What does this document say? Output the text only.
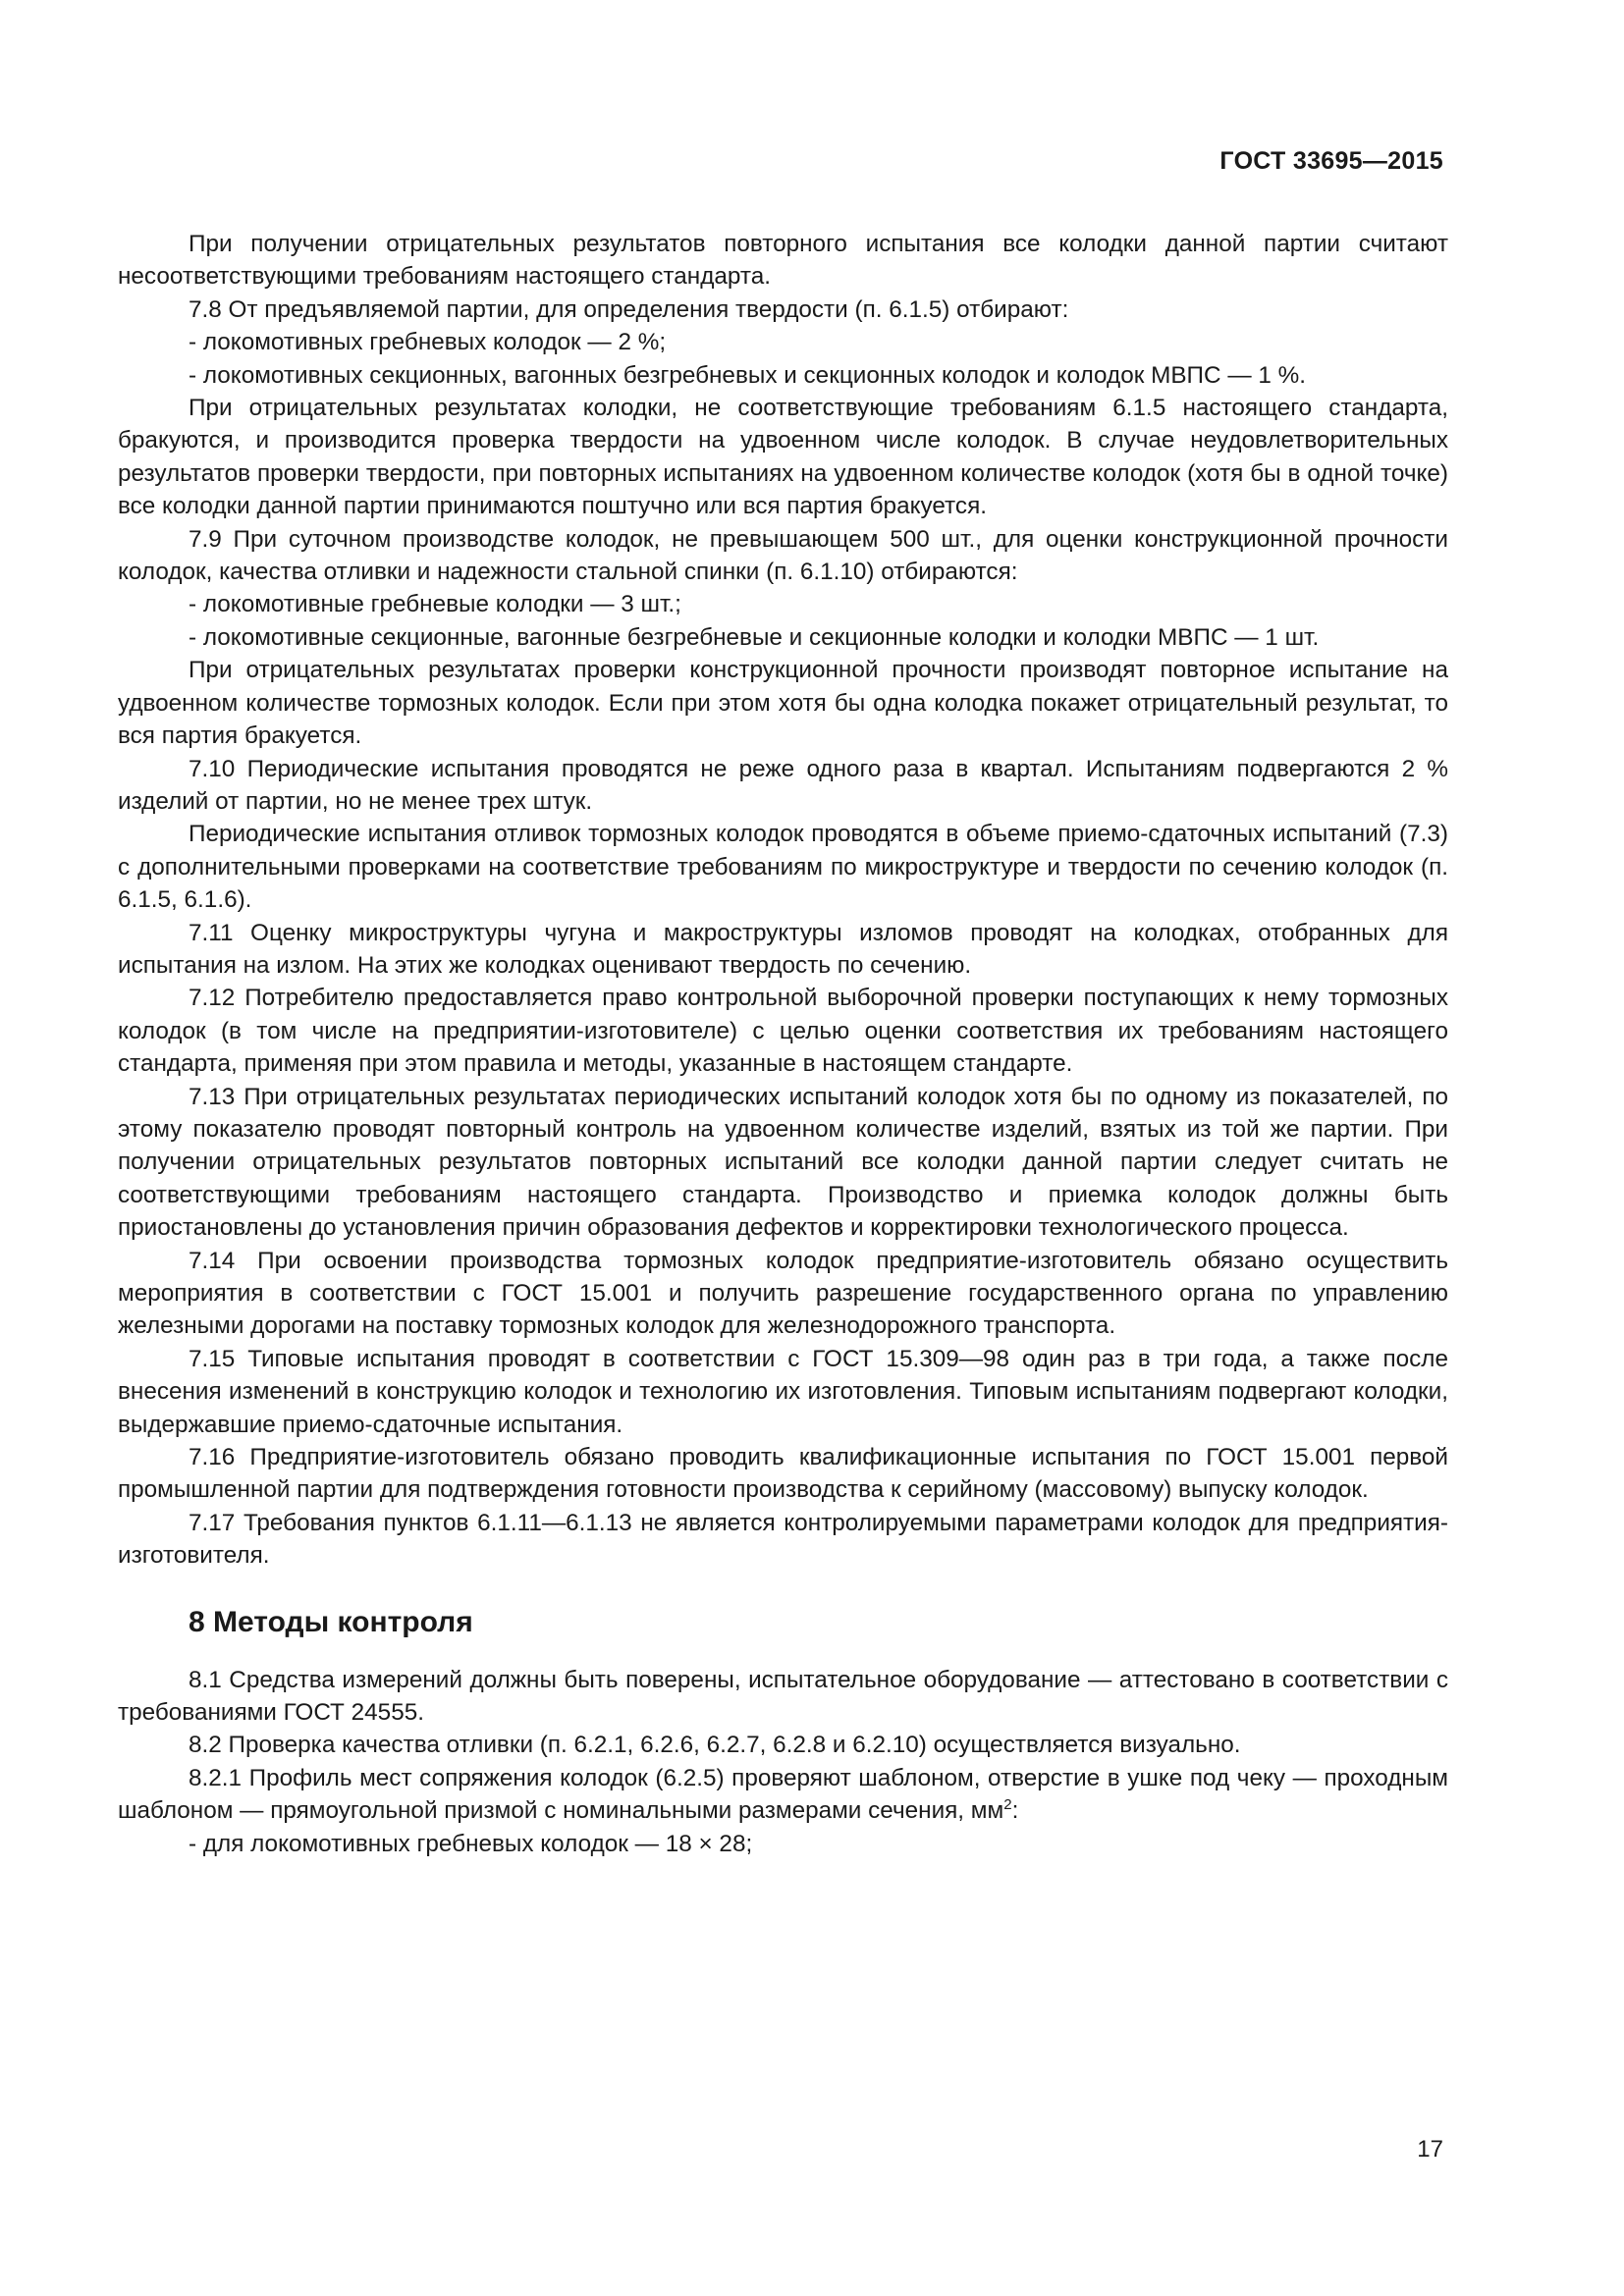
ГОСТ 33695—2015

При получении отрицательных результатов повторного испытания все колодки данной партии считают несоответствующими требованиям настоящего стандарта.

7.8 От предъявляемой партии, для определения твердости (п. 6.1.5) отбирают:

- локомотивных гребневых колодок — 2 %;

- локомотивных секционных, вагонных безгребневых и секционных колодок и колодок МВПС — 1 %.

При отрицательных результатах колодки, не соответствующие требованиям 6.1.5 настоящего стандарта, бракуются, и производится проверка твердости на удвоенном числе колодок. В случае неудовлетворительных результатов проверки твердости, при повторных испытаниях на удвоенном количестве колодок (хотя бы в одной точке) все колодки данной партии принимаются поштучно или вся партия бракуется.

7.9 При суточном производстве колодок, не превышающем 500 шт., для оценки конструкционной прочности колодок, качества отливки и надежности стальной спинки (п. 6.1.10) отбираются:

- локомотивные гребневые колодки — 3 шт.;

- локомотивные секционные, вагонные безгребневые и секционные колодки и колодки МВПС — 1 шт.

При отрицательных результатах проверки конструкционной прочности производят повторное испытание на удвоенном количестве тормозных колодок. Если при этом хотя бы одна колодка покажет отрицательный результат, то вся партия бракуется.

7.10 Периодические испытания проводятся не реже одного раза в квартал. Испытаниям подвергаются 2 % изделий от партии, но не менее трех штук.

Периодические испытания отливок тормозных колодок проводятся в объеме приемо-сдаточных испытаний (7.3) с дополнительными проверками на соответствие требованиям по микроструктуре и твердости по сечению колодок (п. 6.1.5, 6.1.6).

7.11 Оценку микроструктуры чугуна и макроструктуры изломов проводят на колодках, отобранных для испытания на излом. На этих же колодках оценивают твердость по сечению.

7.12 Потребителю предоставляется право контрольной выборочной проверки поступающих к нему тормозных колодок (в том числе на предприятии-изготовителе) с целью оценки соответствия их требованиям настоящего стандарта, применяя при этом правила и методы, указанные в настоящем стандарте.

7.13 При отрицательных результатах периодических испытаний колодок хотя бы по одному из показателей, по этому показателю проводят повторный контроль на удвоенном количестве изделий, взятых из той же партии. При получении отрицательных результатов повторных испытаний все колодки данной партии следует считать не соответствующими требованиям настоящего стандарта. Производство и приемка колодок должны быть приостановлены до установления причин образования дефектов и корректировки технологического процесса.

7.14 При освоении производства тормозных колодок предприятие-изготовитель обязано осуществить мероприятия в соответствии с ГОСТ 15.001 и получить разрешение государственного органа по управлению железными дорогами на поставку тормозных колодок для железнодорожного транспорта.

7.15 Типовые испытания проводят в соответствии с ГОСТ 15.309—98 один раз в три года, а также после внесения изменений в конструкцию колодок и технологию их изготовления. Типовым испытаниям подвергают колодки, выдержавшие приемо-сдаточные испытания.

7.16 Предприятие-изготовитель обязано проводить квалификационные испытания по ГОСТ 15.001 первой промышленной партии для подтверждения готовности производства к серийному (массовому) выпуску колодок.

7.17 Требования пунктов 6.1.11—6.1.13 не является контролируемыми параметрами колодок для предприятия-изготовителя.

8 Методы контроля

8.1 Средства измерений должны быть поверены, испытательное оборудование — аттестовано в соответствии с требованиями ГОСТ 24555.

8.2 Проверка качества отливки (п. 6.2.1, 6.2.6, 6.2.7, 6.2.8 и 6.2.10) осуществляется визуально.

8.2.1 Профиль мест сопряжения колодок (6.2.5) проверяют шаблоном, отверстие в ушке под чеку — проходным шаблоном — прямоугольной призмой с номинальными размерами сечения, $мм^2$:

- для локомотивных гребневых колодок — 18 × 28;

17
